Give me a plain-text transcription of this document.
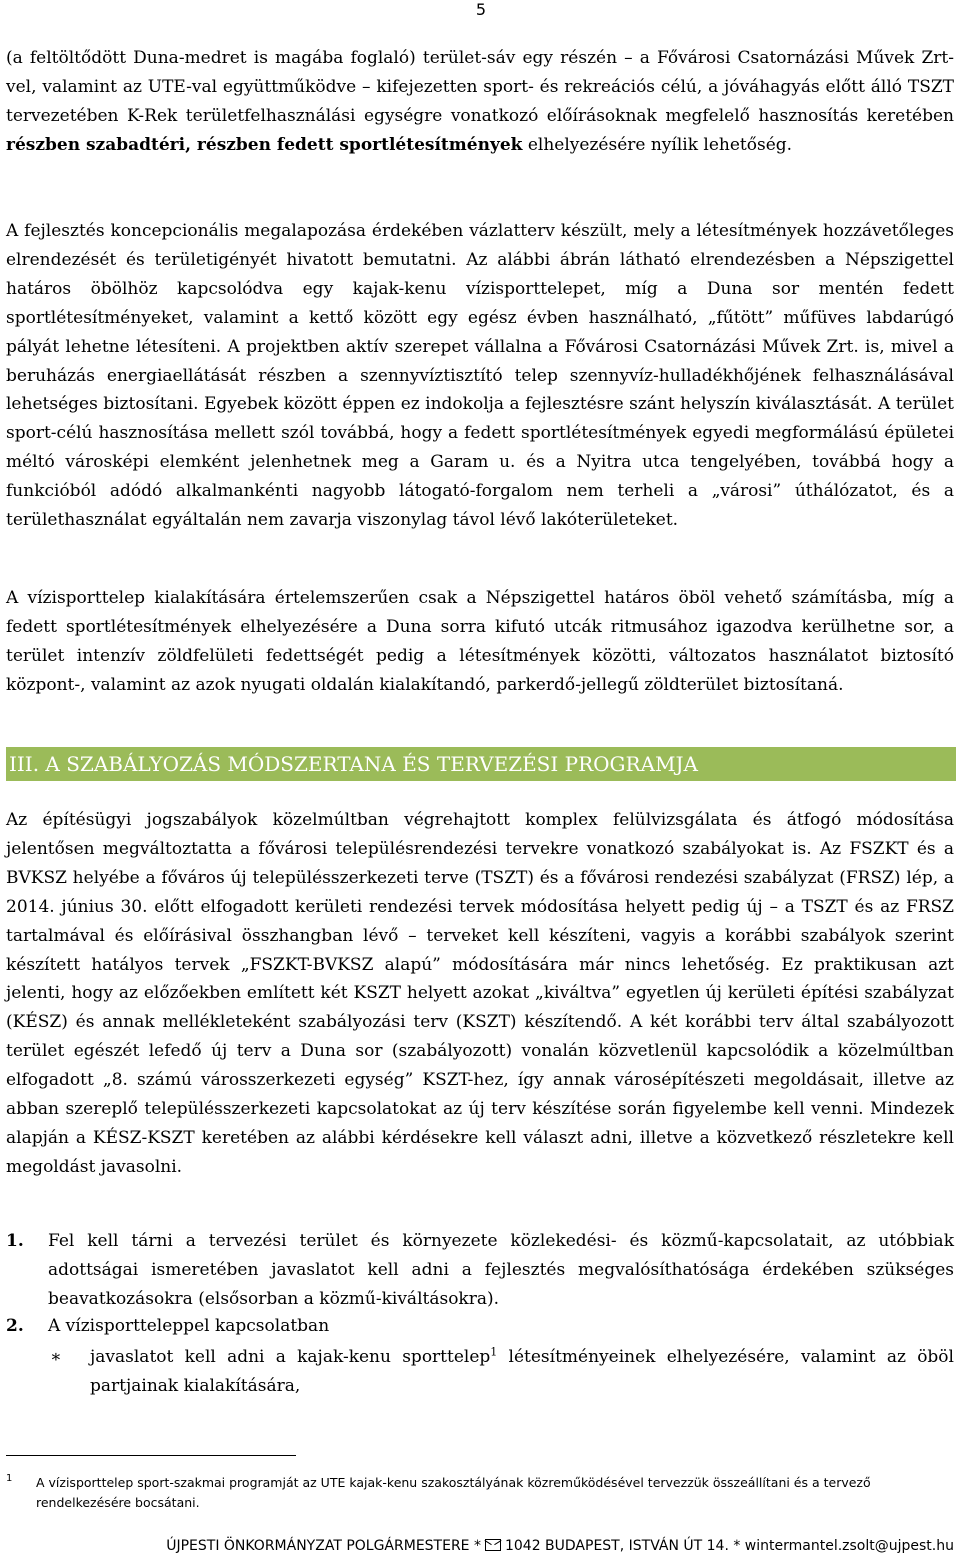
5

(a feltöltődött Duna-medret is magába foglaló) terület-sáv egy részén – a Fővárosi Csatornázási Művek Zrt-vel, valamint az UTE-val együttműködve – kifejezetten sport- és rekreációs célú, a jóváhagyás előtt álló TSZT tervezetében K-Rek területfelhasználási egységre vonatkozó előírásoknak megfelelő hasznosítás keretében részben szabadtéri, részben fedett sportlétesítmények elhelyezésére nyílik lehetőség.

A fejlesztés koncepcionális megalapozása érdekében vázlatterv készült, mely a létesítmények hozzávetőleges elrendezését és területigényét hivatott bemutatni. Az alábbi ábrán látható elrendezésben a Népszigettel határos öbölhöz kapcsolódva egy kajak-kenu vízisporttelepet, míg a Duna sor mentén fedett sportlétesítményeket, valamint a kettő között egy egész évben használható, „fűtött” műfüves labdarúgó pályát lehetne létesíteni. A projektben aktív szerepet vállalna a Fővárosi Csatornázási Művek Zrt. is, mivel a beruházás energiaellátását részben a szennyvíztisztító telep szennyvíz-hulladékhőjének felhasználásával lehetséges biztosítani. Egyebek között éppen ez indokolja a fejlesztésre szánt helyszín kiválasztását. A terület sport-célú hasznosítása mellett szól továbbá, hogy a fedett sportlétesítmények egyedi megformálású épületei méltó városképi elemként jelenhetnek meg a Garam u. és a Nyitra utca tengelyében, továbbá hogy a funkcióból adódó alkalmankénti nagyobb látogató-forgalom nem terheli a „városi” úthálózatot, és a területhasználat egyáltalán nem zavarja viszonylag távol lévő lakóterületeket.

A vízisporttelep kialakítására értelemszerűen csak a Népszigettel határos öböl vehető számításba, míg a fedett sportlétesítmények elhelyezésére a Duna sorra kifutó utcák ritmusához igazodva kerülhetne sor, a terület intenzív zöldfelületi fedettségét pedig a létesítmények közötti, változatos használatot biztosító központ-, valamint az azok nyugati oldalán kialakítandó, parkerdő-jellegű zöldterület biztosítaná.

III. A SZABÁLYOZÁS MÓDSZERTANA ÉS TERVEZÉSI PROGRAMJA

Az építésügyi jogszabályok közelmúltban végrehajtott komplex felülvizsgálata és átfogó módosítása jelentősen megváltoztatta a fővárosi településrendezési tervekre vonatkozó szabályokat is. Az FSZKT és a BVKSZ helyébe a főváros új településszerkezeti terve (TSZT) és a fővárosi rendezési szabályzat (FRSZ) lép, a 2014. június 30. előtt elfogadott kerületi rendezési tervek módosítása helyett pedig új – a TSZT és az FRSZ tartalmával és előírásival összhangban lévő – terveket kell készíteni, vagyis a korábbi szabályok szerint készített hatályos tervek „FSZKT-BVKSZ alapú” módosítására már nincs lehetőség. Ez praktikusan azt jelenti, hogy az előzőekben említett két KSZT helyett azokat „kiváltva” egyetlen új kerületi építési szabályzat (KÉSZ) és annak mellékleteként szabályozási terv (KSZT) készítendő. A két korábbi terv által szabályozott terület egészét lefedő új terv a Duna sor (szabályozott) vonalán közvetlenül kapcsolódik a közelmúltban elfogadott „8. számú városszerkezeti egység” KSZT-hez, így annak városépítészeti megoldásait, illetve az abban szereplő településszerkezeti kapcsolatokat az új terv készítése során figyelembe kell venni. Mindezek alapján a KÉSZ-KSZT keretében az alábbi kérdésekre kell választ adni, illetve a közvetkező részletekre kell megoldást javasolni.

1. Fel kell tárni a tervezési terület és környezete közlekedési- és közmű-kapcsolatait, az utóbbiak adottságai ismeretében javaslatot kell adni a fejlesztés megvalósíthatósága érdekében szükséges beavatkozásokra (elsősorban a közmű-kiváltásokra).
2. A vízisportteleppel kapcsolatban
∗ javaslatot kell adni a kajak-kenu sporttelep$^1$ létesítményeinek elhelyezésére, valamint az öböl partjainak kialakítására,
1 A vízisporttelep sport-szakmai programját az UTE kajak-kenu szakosztályának közreműködésével tervezzük összeállítani és a tervező rendelkezésére bocsátani.
ÚJPESTI ÖNKORMÁNYZAT POLGÁRMESTERE * 1042 BUDAPEST, ISTVÁN ÚT 14. * wintermantel.zsolt@ujpest.hu
